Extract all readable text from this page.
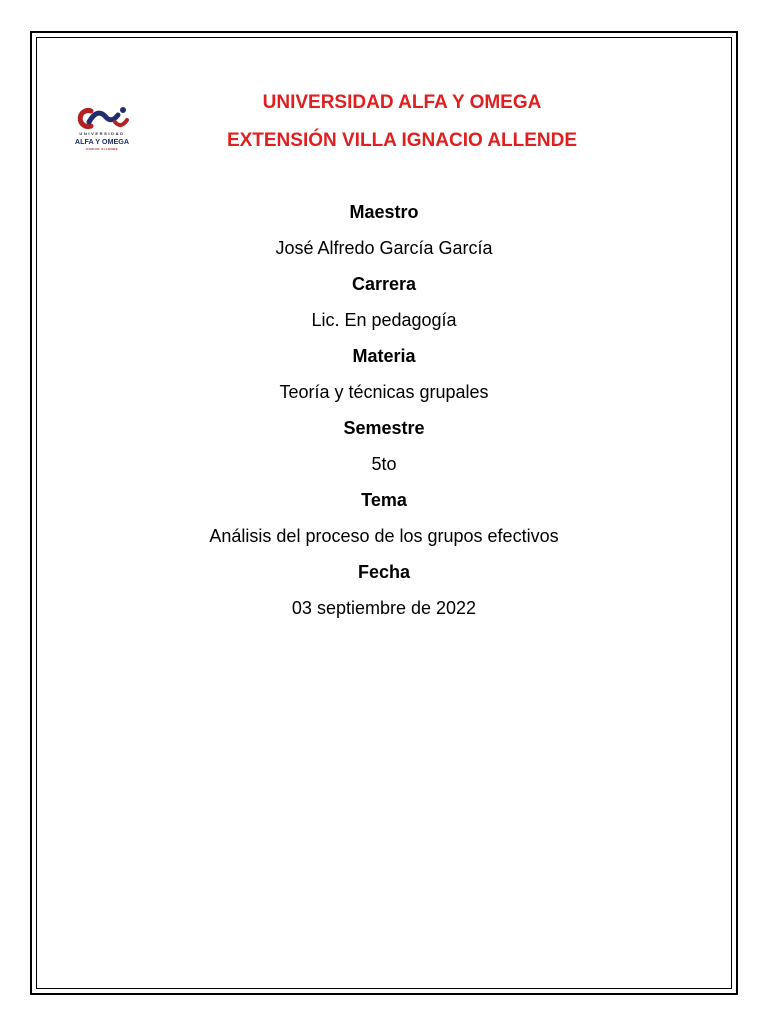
UNIVERSIDAD
ALFA Y OMEGA
UNIDAD ALLENDE
UNIVERSIDAD ALFA Y OMEGA
EXTENSIÓN VILLA IGNACIO ALLENDE
Maestro
José Alfredo García García
Carrera
Lic. En pedagogía
Materia
Teoría y técnicas grupales
Semestre
5to
Tema
Análisis del proceso de los grupos efectivos
Fecha
03 septiembre de 2022
